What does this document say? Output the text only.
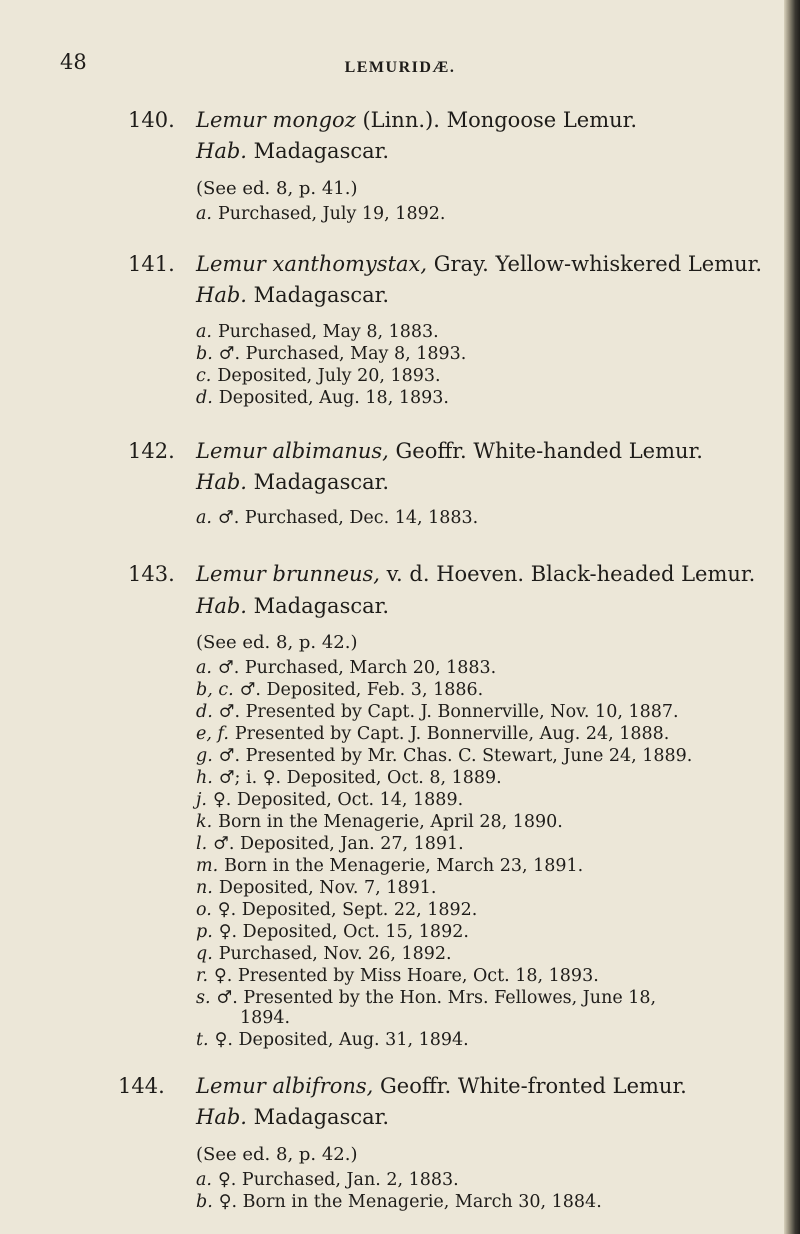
48	LEMURIDÆ.
140. Lemur mongoz (Linn.). Mongoose Lemur.
Hab. Madagascar.
(See ed. 8, p. 41.)
a. Purchased, July 19, 1892.
141. Lemur xanthomystax, Gray. Yellow-whiskered Lemur.
Hab. Madagascar.
a. Purchased, May 8, 1883.
b. ♂. Purchased, May 8, 1893.
c. Deposited, July 20, 1893.
d. Deposited, Aug. 18, 1893.
142. Lemur albimanus, Geoffr. White-handed Lemur.
Hab. Madagascar.
a. ♂. Purchased, Dec. 14, 1883.
143. Lemur brunneus, v. d. Hoeven. Black-headed Lemur.
Hab. Madagascar.
(See ed. 8, p. 42.)
a. ♂. Purchased, March 20, 1883.
b, c. ♂. Deposited, Feb. 3, 1886.
d. ♂. Presented by Capt. J. Bonnerville, Nov. 10, 1887.
e, f. Presented by Capt. J. Bonnerville, Aug. 24, 1888.
g. ♂. Presented by Mr. Chas. C. Stewart, June 24, 1889.
h. ♂; i. ♀. Deposited, Oct. 8, 1889.
j. ♀. Deposited, Oct. 14, 1889.
k. Born in the Menagerie, April 28, 1890.
l. ♂. Deposited, Jan. 27, 1891.
m. Born in the Menagerie, March 23, 1891.
n. Deposited, Nov. 7, 1891.
o. ♀. Deposited, Sept. 22, 1892.
p. ♀. Deposited, Oct. 15, 1892.
q. Purchased, Nov. 26, 1892.
r. ♀. Presented by Miss Hoare, Oct. 18, 1893.
s. ♂. Presented by the Hon. Mrs. Fellowes, June 18,
1894.
t. ♀. Deposited, Aug. 31, 1894.
144. Lemur albifrons, Geoffr. White-fronted Lemur.
Hab. Madagascar.
(See ed. 8, p. 42.)
a. ♀. Purchased, Jan. 2, 1883.
b. ♀. Born in the Menagerie, March 30, 1884.
